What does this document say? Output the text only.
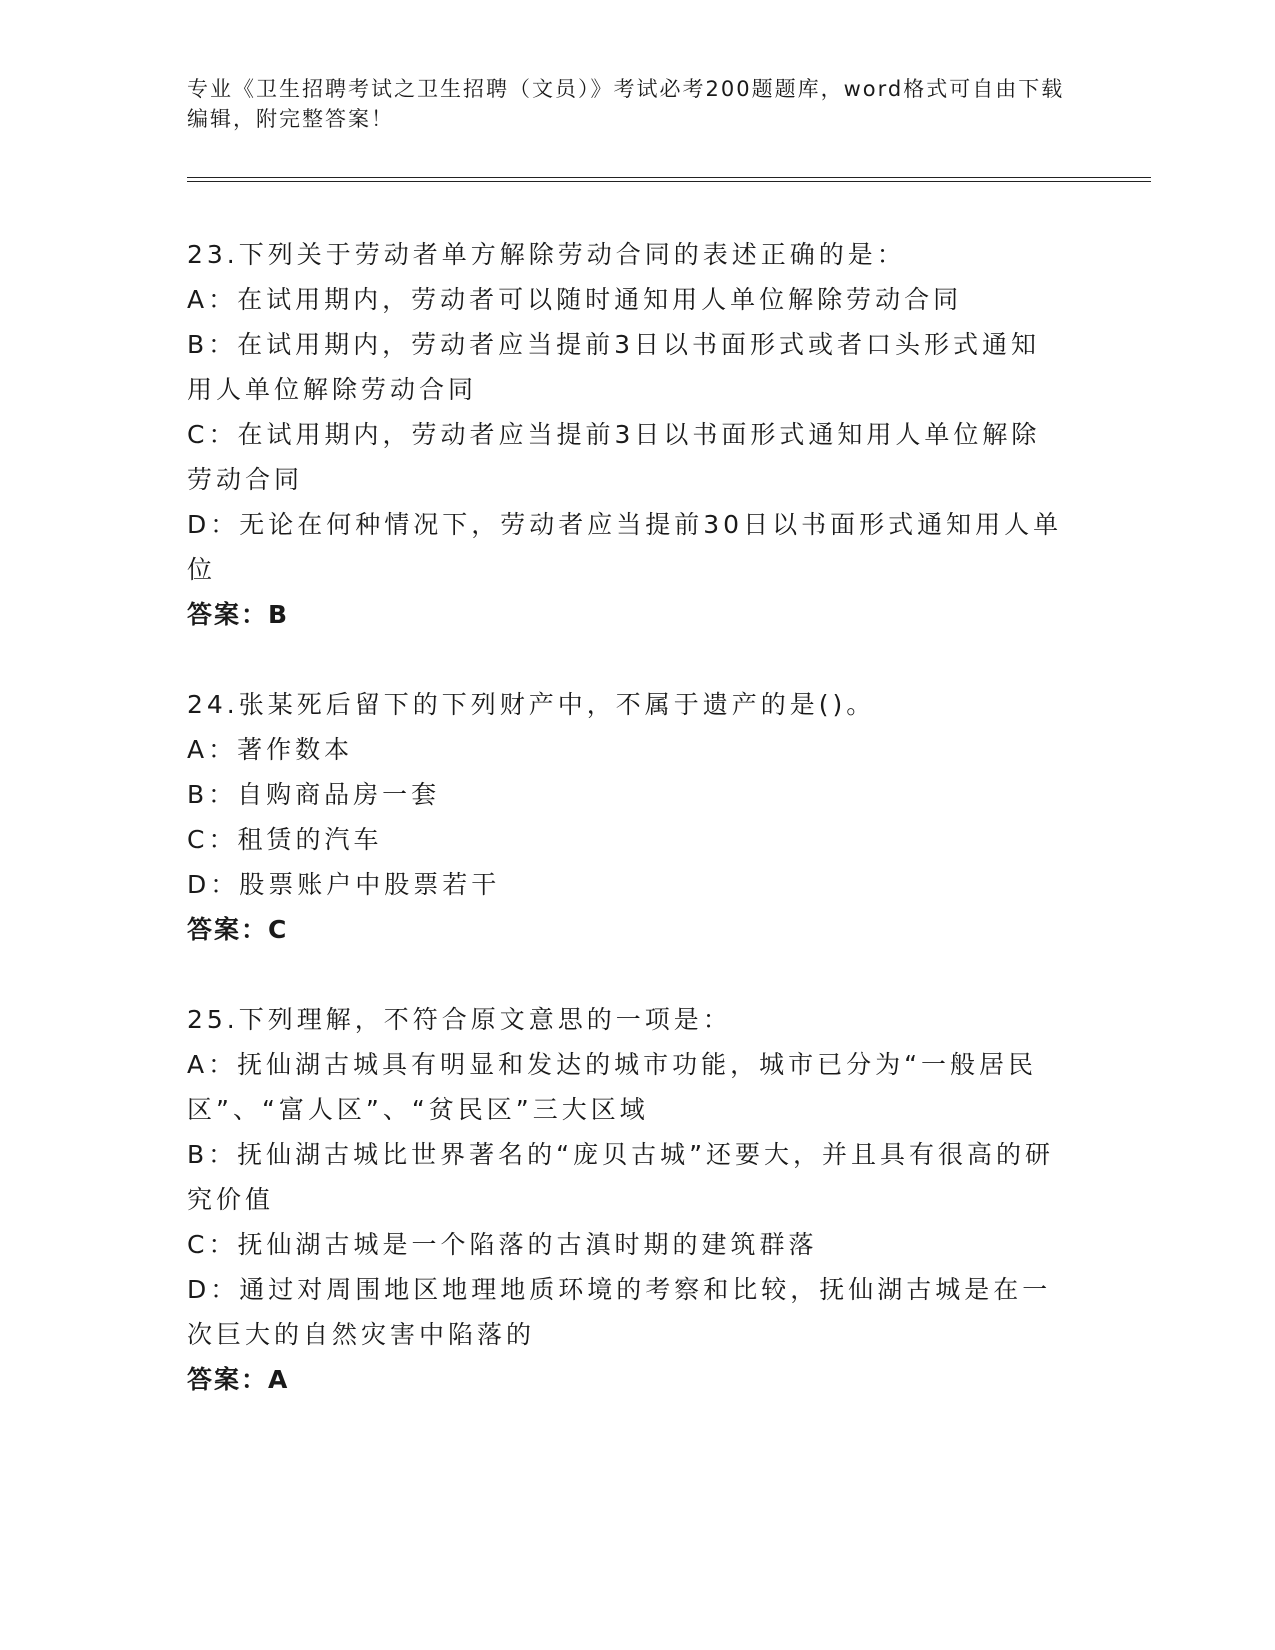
专业《卫生招聘考试之卫生招聘（文员）》考试必考200题题库，word格式可自由下载编辑，附完整答案！

23.下列关于劳动者单方解除劳动合同的表述正确的是：

A：在试用期内，劳动者可以随时通知用人单位解除劳动合同

B：在试用期内，劳动者应当提前3日以书面形式或者口头形式通知用人单位解除劳动合同

C：在试用期内，劳动者应当提前3日以书面形式通知用人单位解除劳动合同

D：无论在何种情况下，劳动者应当提前30日以书面形式通知用人单位

答案：B

24.张某死后留下的下列财产中，不属于遗产的是()。

A：著作数本

B：自购商品房一套

C：租赁的汽车

D：股票账户中股票若干

答案：C

25.下列理解，不符合原文意思的一项是：

A：抚仙湖古城具有明显和发达的城市功能，城市已分为“一般居民区”、“富人区”、“贫民区”三大区域

B：抚仙湖古城比世界著名的“庞贝古城”还要大，并且具有很高的研究价值

C：抚仙湖古城是一个陷落的古滇时期的建筑群落

D：通过对周围地区地理地质环境的考察和比较，抚仙湖古城是在一次巨大的自然灾害中陷落的

答案：A
